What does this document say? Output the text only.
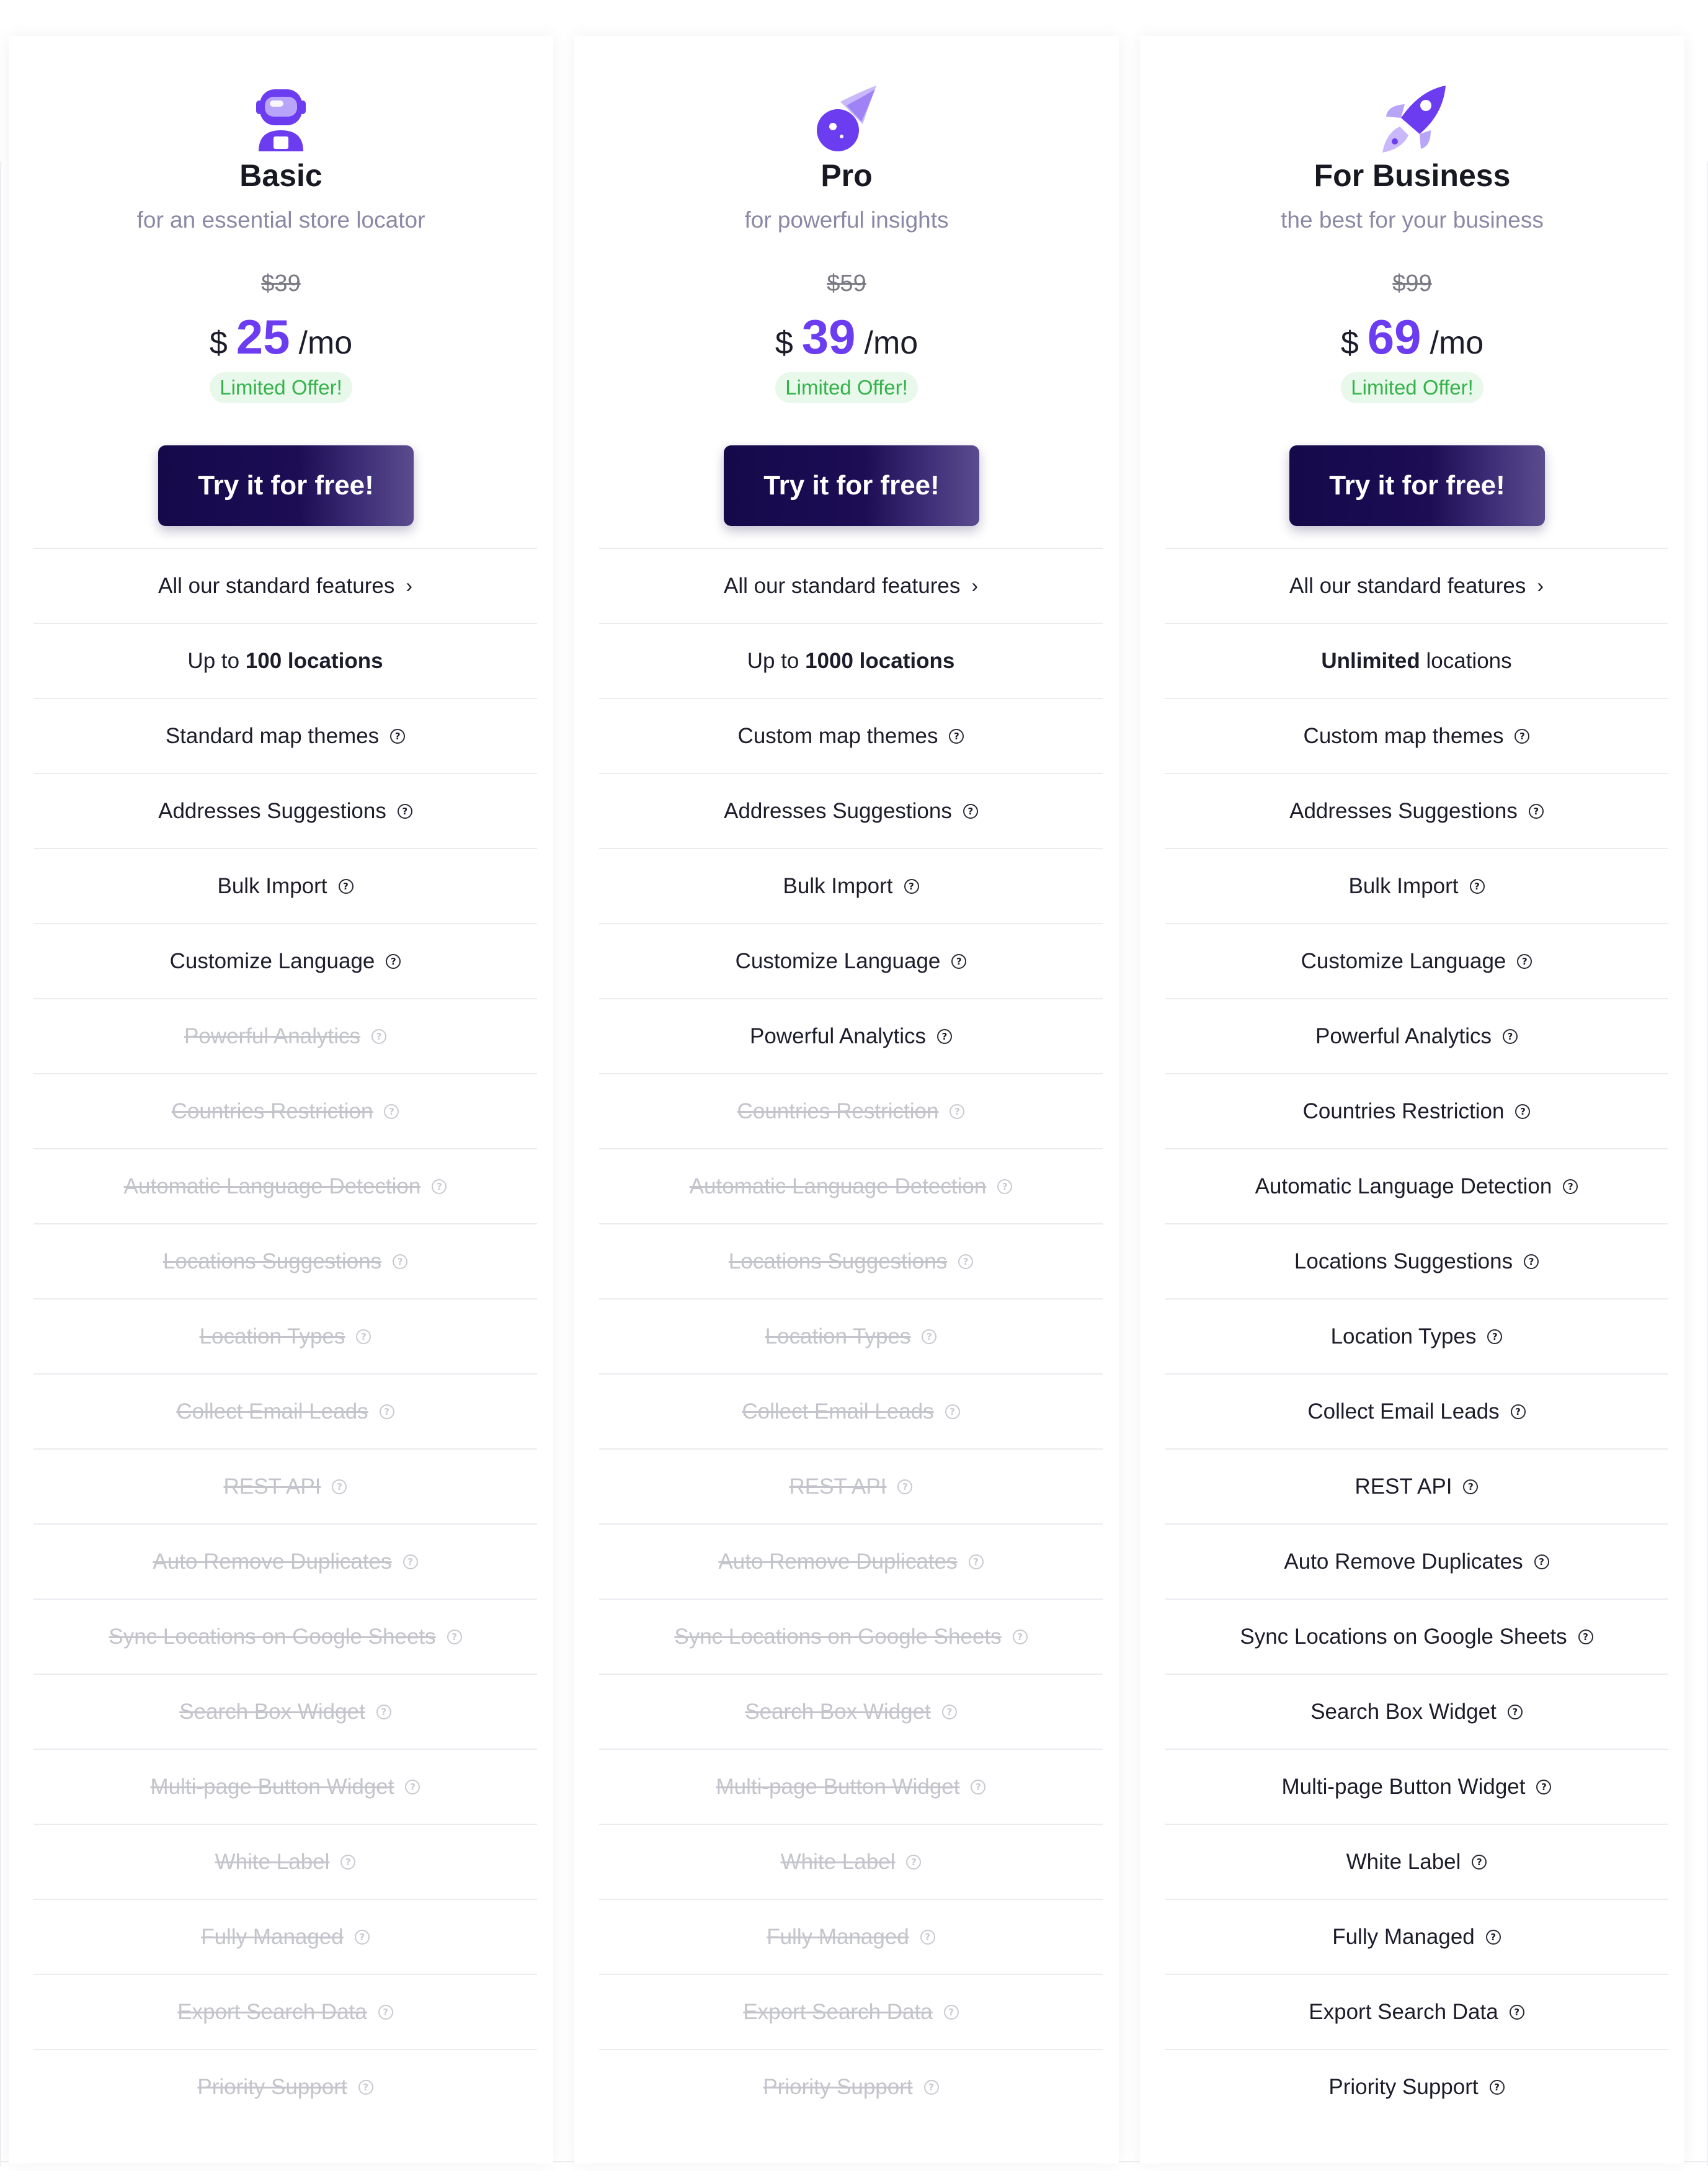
Basic
for an essential store locator
$39
$ 25 /mo
Limited Offer!
Try it for free!
All our standard features ›
Up to 100 locations
Standard map themes	?
Addresses Suggestions	?
Bulk Import	?
Customize Language	?
Powerful Analytics	?
Countries Restriction	?
Automatic Language Detection	?
Locations Suggestions	?
Location Types	?
Collect Email Leads	?
REST API	?
Auto Remove Duplicates	?
Sync Locations on Google Sheets	?
Search Box Widget	?
Multi-page Button Widget	?
White Label	?
Fully Managed	?
Export Search Data	?
Priority Support	?
Pro
for powerful insights
$59
$ 39 /mo
Limited Offer!
Try it for free!
All our standard features ›
Up to 1000 locations
Custom map themes	?
Addresses Suggestions	?
Bulk Import	?
Customize Language	?
Powerful Analytics	?
Countries Restriction	?
Automatic Language Detection	?
Locations Suggestions	?
Location Types	?
Collect Email Leads	?
REST API	?
Auto Remove Duplicates	?
Sync Locations on Google Sheets	?
Search Box Widget	?
Multi-page Button Widget	?
White Label	?
Fully Managed	?
Export Search Data	?
Priority Support	?
For Business
the best for your business
$99
$ 69 /mo
Limited Offer!
Try it for free!
All our standard features ›
Unlimited locations
Custom map themes	?
Addresses Suggestions	?
Bulk Import	?
Customize Language	?
Powerful Analytics	?
Countries Restriction	?
Automatic Language Detection	?
Locations Suggestions	?
Location Types	?
Collect Email Leads	?
REST API	?
Auto Remove Duplicates	?
Sync Locations on Google Sheets	?
Search Box Widget	?
Multi-page Button Widget	?
White Label	?
Fully Managed	?
Export Search Data	?
Priority Support	?
